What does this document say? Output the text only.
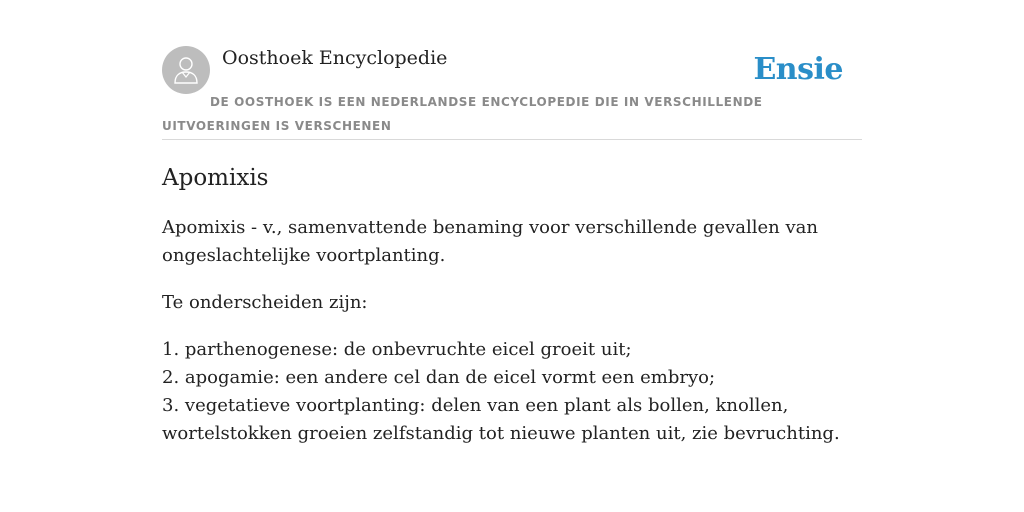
Oosthoek Encyclopedie	Ensie
DE OOSTHOEK IS EEN NEDERLANDSE ENCYCLOPEDIE DIE IN VERSCHILLENDE UITVOERINGEN IS VERSCHENEN
Apomixis

Apomixis - v., samenvattende benaming voor verschillende gevallen van ongeslachtelijke voortplanting.

Te onderscheiden zijn:

1. parthenogenese: de onbevruchte eicel groeit uit;
2. apogamie: een andere cel dan de eicel vormt een embryo;
3. vegetatieve voortplanting: delen van een plant als bollen, knollen, wortelstokken groeien zelfstandig tot nieuwe planten uit, zie bevruchting.
